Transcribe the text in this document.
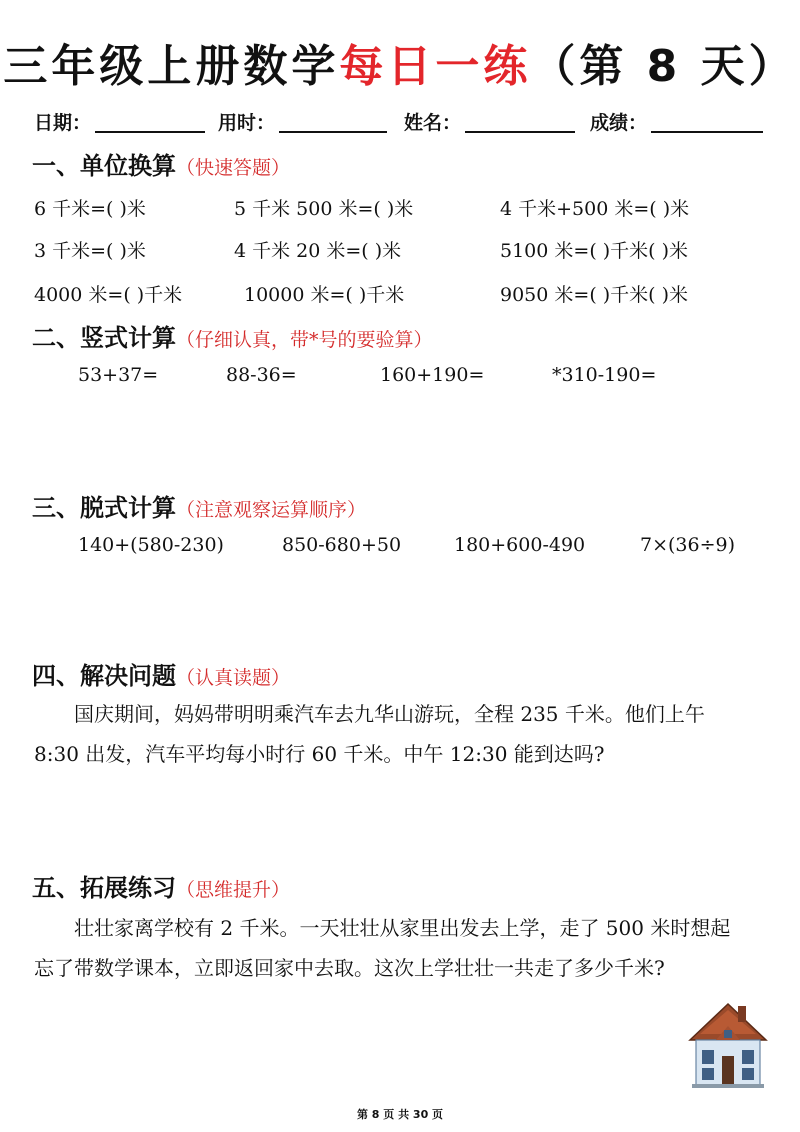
三年级上册数学每日一练（第 8 天）
日期：	用时：	姓名：	成绩：
一、单位换算（快速答题）
6 千米=( )米	5 千米 500 米=( )米	4 千米+500 米=( )米
3 千米=( )米	4 千米 20 米=( )米	5100 米=( )千米( )米
4000 米=( )千米	10000 米=( )千米	9050 米=( )千米( )米
二、竖式计算（仔细认真，带*号的要验算）
53+37=	88-36=	160+190=	*310-190=
三、脱式计算（注意观察运算顺序）
140+(580-230)	850-680+50	180+600-490	7×(36÷9)
四、解决问题（认真读题）
国庆期间，妈妈带明明乘汽车去九华山游玩，全程 235 千米。他们上午
8:30 出发，汽车平均每小时行 60 千米。中午 12:30 能到达吗?
五、拓展练习（思维提升）
壮壮家离学校有 2 千米。一天壮壮从家里出发去上学，走了 500 米时想起
忘了带数学课本，立即返回家中去取。这次上学壮壮一共走了多少千米?
第 8 页 共 30 页
